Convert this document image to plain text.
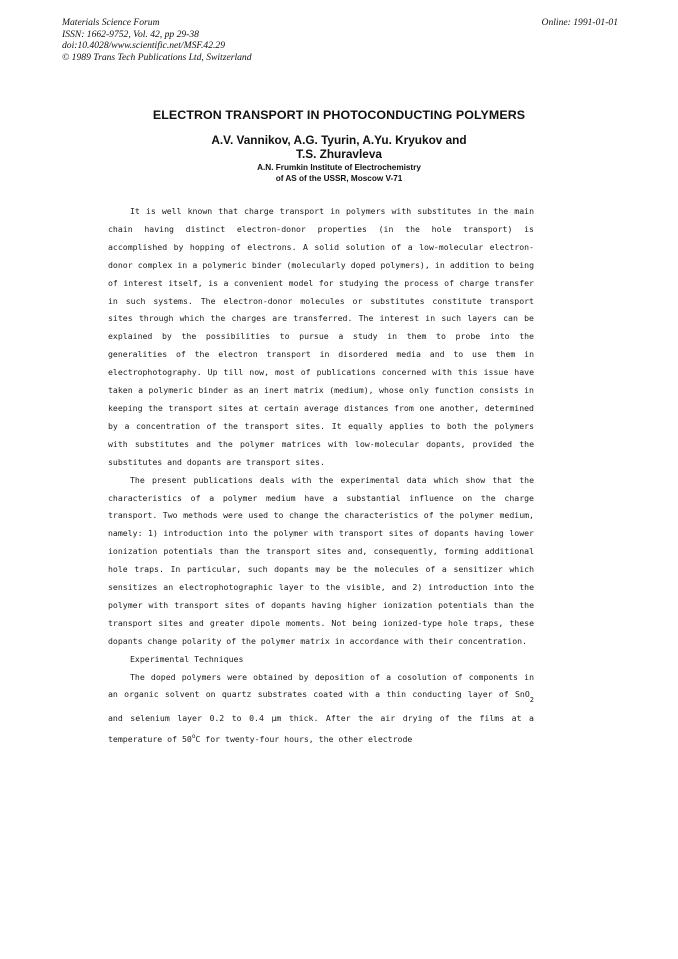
Materials Science Forum
ISSN: 1662-9752, Vol. 42, pp 29-38
doi:10.4028/www.scientific.net/MSF.42.29
© 1989 Trans Tech Publications Ltd, Switzerland
Online: 1991-01-01
ELECTRON TRANSPORT IN PHOTOCONDUCTING POLYMERS
A.V. Vannikov, A.G. Tyurin, A.Yu. Kryukov and
T.S. Zhuravleva
A.N. Frumkin Institute of Electrochemistry
of AS of the USSR, Moscow V-71

It is well known that charge transport in polymers with substitutes in the main chain having distinct electron-donor properties (in the hole transport) is accomplished by hopping of electrons. A solid solution of a low-molecular electron-donor complex in a polymeric binder (molecularly doped polymers), in addition to being of interest itself, is a convenient model for studying the process of charge transfer in such systems. The electron-donor molecules or substitutes constitute transport sites through which the charges are transferred. The interest in such layers can be explained by the possibilities to pursue a study in them to probe into the generalities of the electron transport in disordered media and to use them in electrophotography. Up till now, most of publications concerned with this issue have taken a polymeric binder as an inert matrix (medium), whose only function consists in keeping the transport sites at certain average distances from one another, determined by a concentration of the transport sites. It equally applies to both the polymers with substitutes and the polymer matrices with low-molecular dopants, provided the substitutes and dopants are transport sites.

The present publications deals with the experimental data which show that the characteristics of a polymer medium have a substantial influence on the charge transport. Two methods were used to change the characteristics of the polymer medium, namely: 1) introduction into the polymer with transport sites of dopants having lower ionization potentials than the transport sites and, consequently, forming additional hole traps. In particular, such dopants may be the molecules of a sensitizer which sensitizes an electrophotographic layer to the visible, and 2) introduction into the polymer with transport sites of dopants having higher ionization potentials than the transport sites and greater dipole moments. Not being ionized-type hole traps, these dopants change polarity of the polymer matrix in accordance with their concentration.

Experimental Techniques

The doped polymers were obtained by deposition of a cosolution of components in an organic solvent on quartz substrates coated with a thin conducting layer of SnO2 and selenium layer 0.2 to 0.4 μm thick. After the air drying of the films at a temperature of 50$^o$C for twenty-four hours, the other electrode
